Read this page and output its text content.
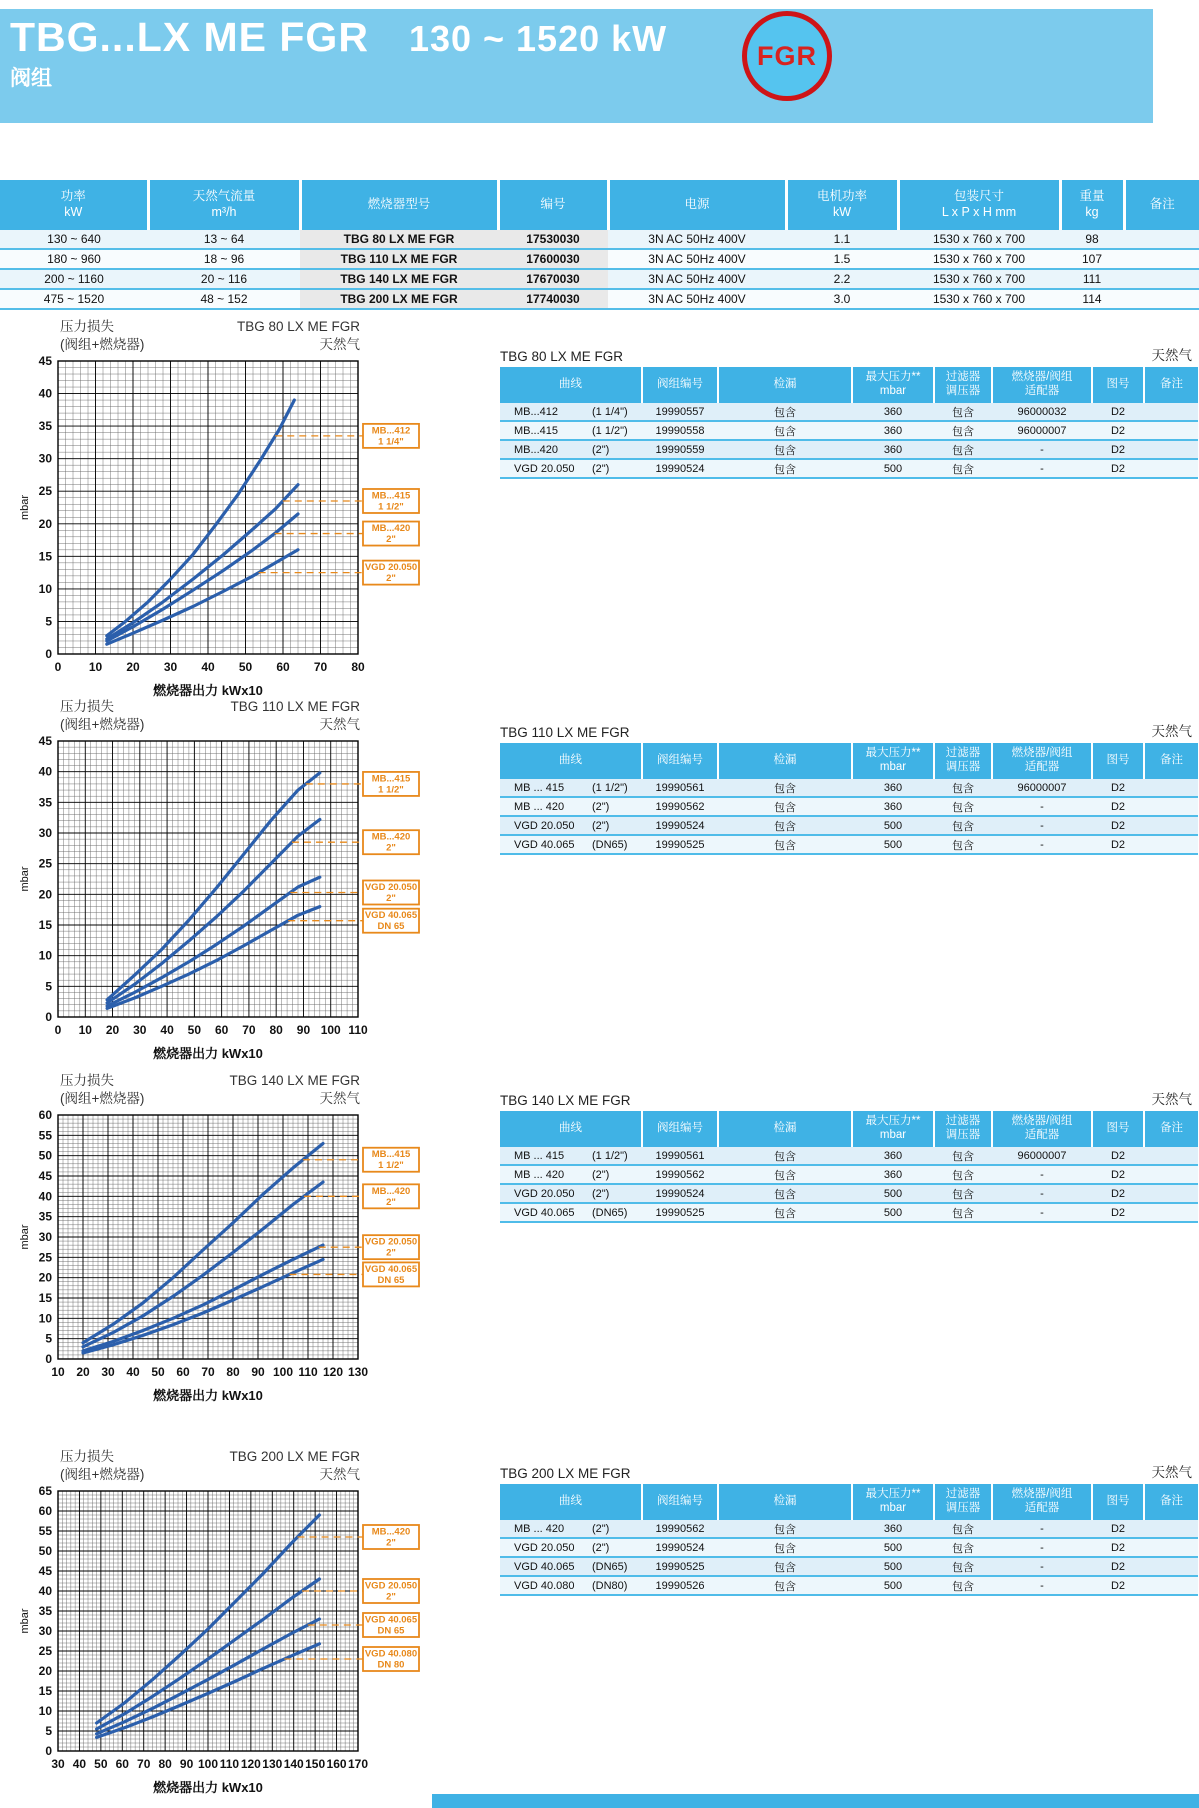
TBG...LX ME FGR 130 ~ 1520 kW
阀组
FGR
功率
kW

天然气流量
m³/h

燃烧器型号	编号	电源

电机功率
kW

包装尺寸
L x P x H mm

重量
kg

备注

130 ~ 640	13 ~ 64	TBG 80 LX ME FGR	17530030	3N AC 50Hz 400V	1.1	1530 x 760 x 700	98	
180 ~ 960	18 ~ 96	TBG 110 LX ME FGR	17600030	3N AC 50Hz 400V	1.5	1530 x 760 x 700	107	
200 ~ 1160	20 ~ 116	TBG 140 LX ME FGR	17670030	3N AC 50Hz 400V	2.2	1530 x 760 x 700	111	
475 ~ 1520	48 ~ 152	TBG 200 LX ME FGR	17740030	3N AC 50Hz 400V	3.0	1530 x 760 x 700	114	
压力损失
(阀组+燃烧器)
TBG 80 LX ME FGR
天然气
0
5
10
15
20
25
30
35
40
45
0 10 20 30 40 50 60 70 80
mbar
MB...412
1 1/4"
MB...415
1 1/2"
MB...420
2"
VGD 20.050
2"
燃烧器出力 kWx10
TBG 80 LX ME FGR	天然气
曲线	阀组编号	检漏

最大压力**
mbar

过滤器
调压器

燃烧器/阀组
适配器

图号	备注

MB...412 (1 1/4")	19990557	包含	360	包含	96000032	D2	

MB...415 (1 1/2")	19990558	包含	360	包含	96000007	D2	

MB...420 (2")	19990559	包含	360	包含	-	D2	

VGD 20.050 (2")	19990524	包含	500	包含	-	D2	
压力损失
(阀组+燃烧器)
TBG 110 LX ME FGR
天然气
0
5
10
15
20
25
30
35
40
45
0 10 20 30 40 50 60 70 80 90 100 110
mbar
MB...415
1 1/2"
MB...420
2"
VGD 20.050
2"
VGD 40.065
DN 65
燃烧器出力 kWx10
TBG 110 LX ME FGR	天然气
曲线	阀组编号	检漏

最大压力**
mbar

过滤器
调压器

燃烧器/阀组
适配器

图号	备注

MB ... 415 (1 1/2")	19990561	包含	360	包含	96000007	D2	

MB ... 420 (2")	19990562	包含	360	包含	-	D2	

VGD 20.050 (2")	19990524	包含	500	包含	-	D2	

VGD 40.065 (DN65)	19990525	包含	500	包含	-	D2	
压力损失
(阀组+燃烧器)
TBG 140 LX ME FGR
天然气
0
5
10
15
20
25
30
35
40
45
50
55
60
10 20 30 40 50 60 70 80 90 100 110 120 130
mbar
MB...415
1 1/2"
MB...420
2"
VGD 20.050
2"
VGD 40.065
DN 65
燃烧器出力 kWx10
TBG 140 LX ME FGR	天然气
曲线	阀组编号	检漏

最大压力**
mbar

过滤器
调压器

燃烧器/阀组
适配器

图号	备注

MB ... 415 (1 1/2")	19990561	包含	360	包含	96000007	D2	

MB ... 420 (2")	19990562	包含	360	包含	-	D2	

VGD 20.050 (2")	19990524	包含	500	包含	-	D2	

VGD 40.065 (DN65)	19990525	包含	500	包含	-	D2	
压力损失
(阀组+燃烧器)
TBG 200 LX ME FGR
天然气
0
5
10
15
20
25
30
35
40
45
50
55
60
65
30 40 50 60 70 80 90 100 110 120 130 140 150 160 170
mbar
MB...420
2"
VGD 20.050
2"
VGD 40.065
DN 65
VGD 40.080
DN 80
燃烧器出力 kWx10
TBG 200 LX ME FGR	天然气
曲线	阀组编号	检漏

最大压力**
mbar

过滤器
调压器

燃烧器/阀组
适配器

图号	备注

MB ... 420 (2")	19990562	包含	360	包含	-	D2	

VGD 20.050 (2")	19990524	包含	500	包含	-	D2	

VGD 40.065 (DN65)	19990525	包含	500	包含	-	D2	

VGD 40.080 (DN80)	19990526	包含	500	包含	-	D2	
